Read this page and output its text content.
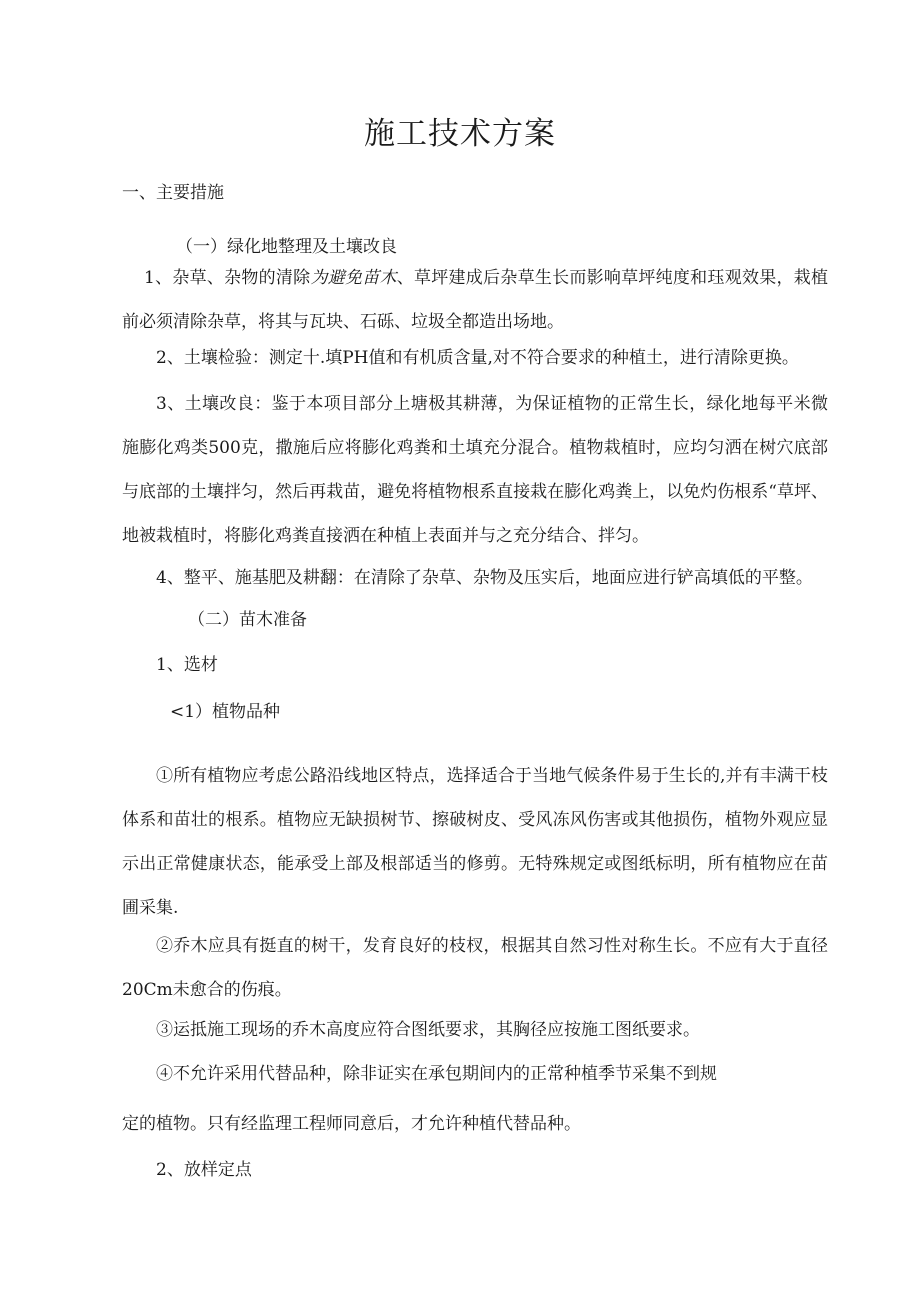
施工技术方案

一、主要措施

（一）绿化地整理及土壤改良

1、杂草、杂物的清除为避免苗木、草坪建成后杂草生长而影响草坪纯度和珏观效果，栽植前必须清除杂草，将其与瓦块、石砾、垃圾全都造出场地。

2、土壤检验：测定十.填PH值和有机质含量,对不符合要求的种植土，进行清除更换。

3、土壤改良：鉴于本项目部分上塘极其耕薄，为保证植物的正常生长，绿化地每平米微施膨化鸡类500克，撒施后应将膨化鸡粪和土填充分混合。植物栽植时，应均匀洒在树穴底部与底部的土壤拌匀，然后再栽苗，避免将植物根系直接栽在膨化鸡粪上，以免灼伤根系“草坪、地被栽植时，将膨化鸡粪直接洒在种植上表面并与之充分结合、拌匀。

4、整平、施基肥及耕翻：在清除了杂草、杂物及压实后，地面应进行铲高填低的平整。

（二）苗木准备

1、选材

<1）植物品种

①所有植物应考虑公路沿线地区特点，选择适合于当地气候条件易于生长的,并有丰满干枝体系和苗壮的根系。植物应无缺损树节、擦破树皮、受风冻风伤害或其他损伤，植物外观应显示出正常健康状态，能承受上部及根部适当的修剪。无特殊规定或图纸标明，所有植物应在苗圃采集.

②乔木应具有挺直的树干，发育良好的枝杈，根据其自然习性对称生长。不应有大于直径20Cm未愈合的伤痕。

③运抵施工现场的乔木高度应符合图纸要求，其胸径应按施工图纸要求。

④不允许采用代替品种，除非证实在承包期间内的正常种植季节采集不到规

定的植物。只有经监理工程师同意后，才允许种植代替品种。

2、放样定点
